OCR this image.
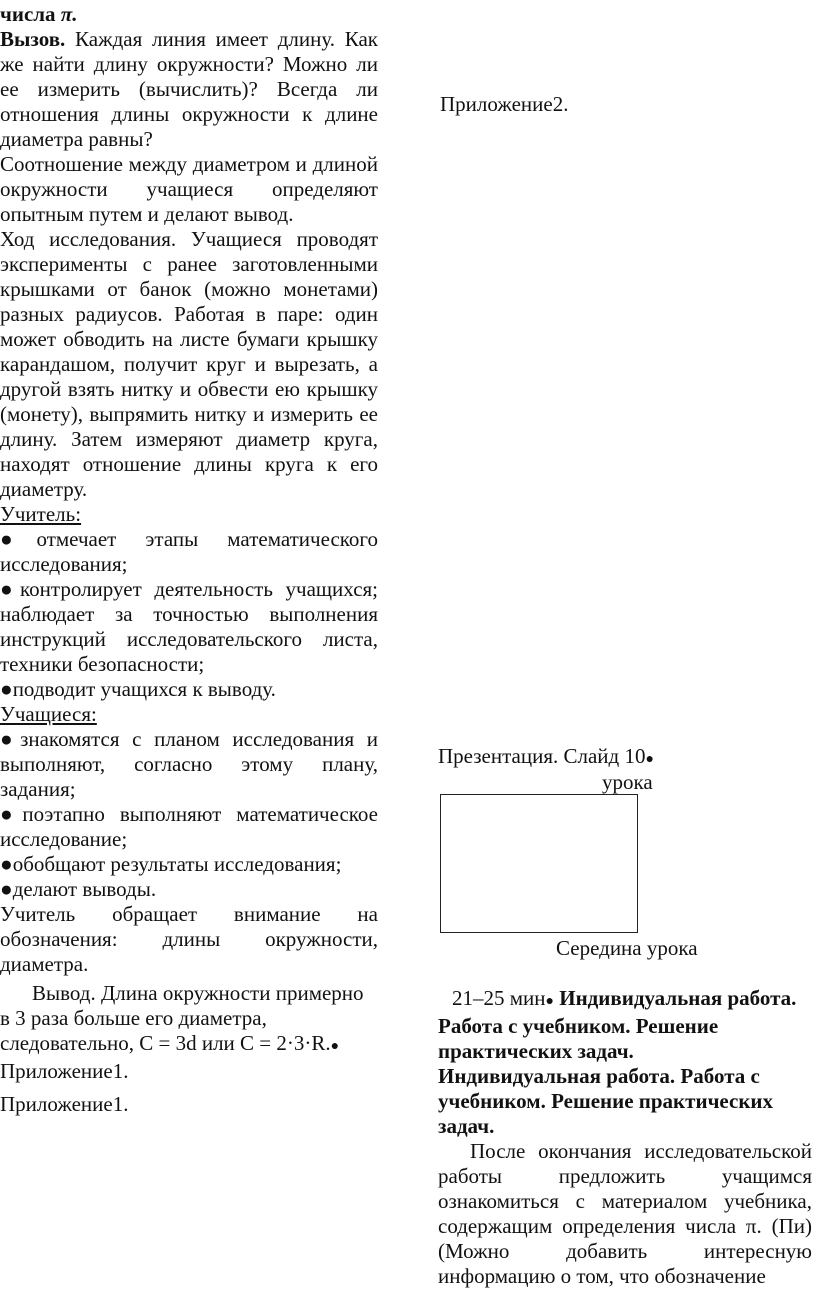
числа π.

Вызов. Каждая линия имеет длину. Как же найти длину окружности? Можно ли ее измерить (вычислить)? Всегда ли отношения длины окружности к длине диаметра равны?

Соотношение между диаметром и длиной окружности учащиеся определяют опытным путем и делают вывод.

Ход исследования. Учащиеся проводят эксперименты с ранее заготовленными крышками от банок (можно монетами) разных радиусов. Работая в паре: один может обводить на листе бумаги крышку карандашом, получит круг и вырезать, а другой взять нитку и обвести ею крышку (монету), выпрямить нитку и измерить ее длину. Затем измеряют диаметр круга, находят отношение длины круга к его диаметру.

Учитель:

●отмечает этапы математического исследования;

●контролирует деятельность учащихся; наблюдает за точностью выполнения инструкций исследовательского листа, техники безопасности;

●подводит учащихся к выводу.

Учащиеся:

●знакомятся с планом исследования и выполняют, согласно этому плану, задания;

●поэтапно выполняют математическое исследование;

●обобщают результаты исследования;

●делают выводы.

Учитель обращает внимание на обозначения: длины окружности, диаметра.

Вывод. Длина окружности примерно в 3 раза больше его диаметра, следовательно, С = 3d или С = 2·3·R.● Приложение1.

Приложение1.

Приложение2.

Презентация. Слайд 10●

урока

Середина урока

21–25 мин● Индивидуальная работа. Работа с учебником. Решение практических задач.

Индивидуальная работа. Работа с учебником. Решение практических задач.

После окончания исследовательской работы предложить учащимся ознакомиться с материалом учебника, содержащим определения числа π. (Пи) (Можно добавить интересную информацию о том, что обозначение
